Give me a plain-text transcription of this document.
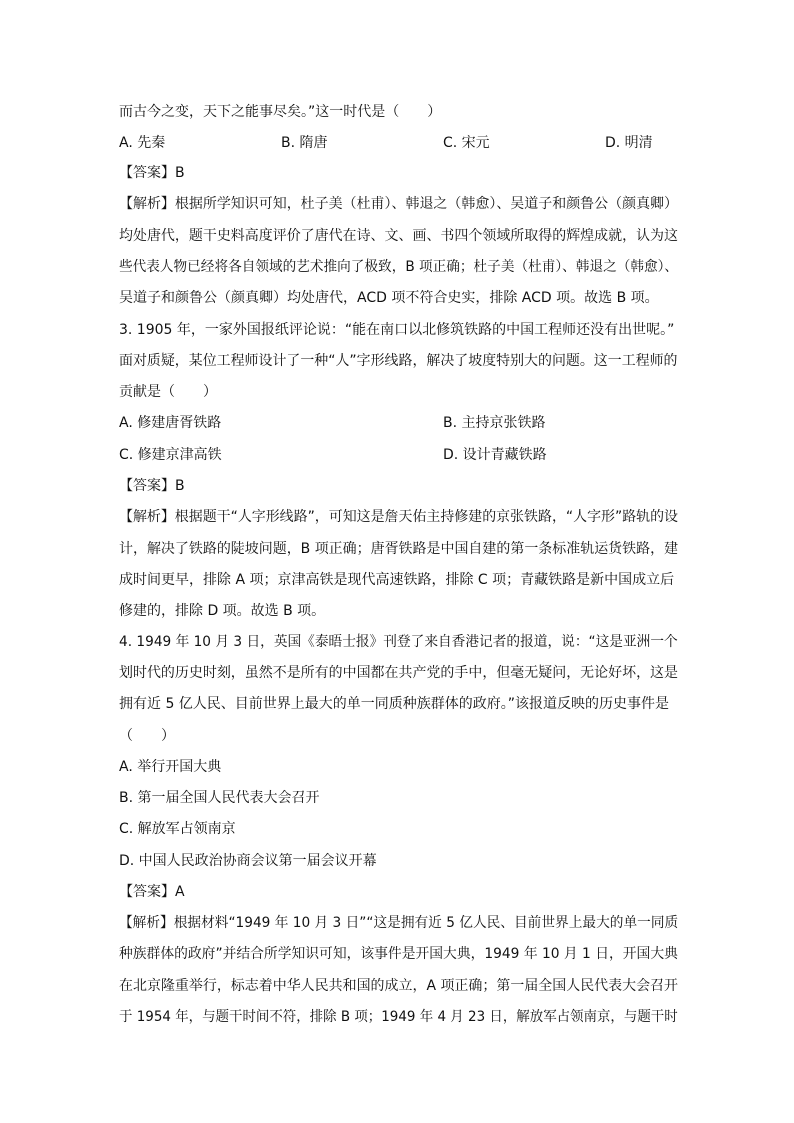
而古今之变，天下之能事尽矣。”这一时代是（　　）
A. 先秦	B. 隋唐	C. 宋元	D. 明清
【答案】B
【解析】根据所学知识可知，杜子美（杜甫）、韩退之（韩愈）、吴道子和颜鲁公（颜真卿）
均处唐代，题干史料高度评价了唐代在诗、文、画、书四个领域所取得的辉煌成就，认为这
些代表人物已经将各自领域的艺术推向了极致，B 项正确；杜子美（杜甫）、韩退之（韩愈）、
吴道子和颜鲁公（颜真卿）均处唐代，ACD 项不符合史实，排除 ACD 项。故选 B 项。
3. 1905 年，一家外国报纸评论说：“能在南口以北修筑铁路的中国工程师还没有出世呢。”
面对质疑，某位工程师设计了一种“人”字形线路，解决了坡度特别大的问题。这一工程师的
贡献是（　　）
A. 修建唐胥铁路	B. 主持京张铁路
C. 修建京津高铁	D. 设计青藏铁路
【答案】B
【解析】根据题干“人字形线路”，可知这是詹天佑主持修建的京张铁路，“人字形”路轨的设
计，解决了铁路的陡坡问题，B 项正确；唐胥铁路是中国自建的第一条标准轨运货铁路，建
成时间更早，排除 A 项；京津高铁是现代高速铁路，排除 C 项；青藏铁路是新中国成立后
修建的，排除 D 项。故选 B 项。
4. 1949 年 10 月 3 日，英国《泰晤士报》刊登了来自香港记者的报道，说：“这是亚洲一个
划时代的历史时刻，虽然不是所有的中国都在共产党的手中，但毫无疑问，无论好坏，这是
拥有近 5 亿人民、目前世界上最大的单一同质种族群体的政府。”该报道反映的历史事件是
（　　）
A. 举行开国大典
B. 第一届全国人民代表大会召开
C. 解放军占领南京
D. 中国人民政治协商会议第一届会议开幕
【答案】A
【解析】根据材料“1949 年 10 月 3 日”“这是拥有近 5 亿人民、目前世界上最大的单一同质
种族群体的政府”并结合所学知识可知，该事件是开国大典，1949 年 10 月 1 日，开国大典
在北京隆重举行，标志着中华人民共和国的成立，A 项正确；第一届全国人民代表大会召开
于 1954 年，与题干时间不符，排除 B 项；1949 年 4 月 23 日，解放军占领南京，与题干时
